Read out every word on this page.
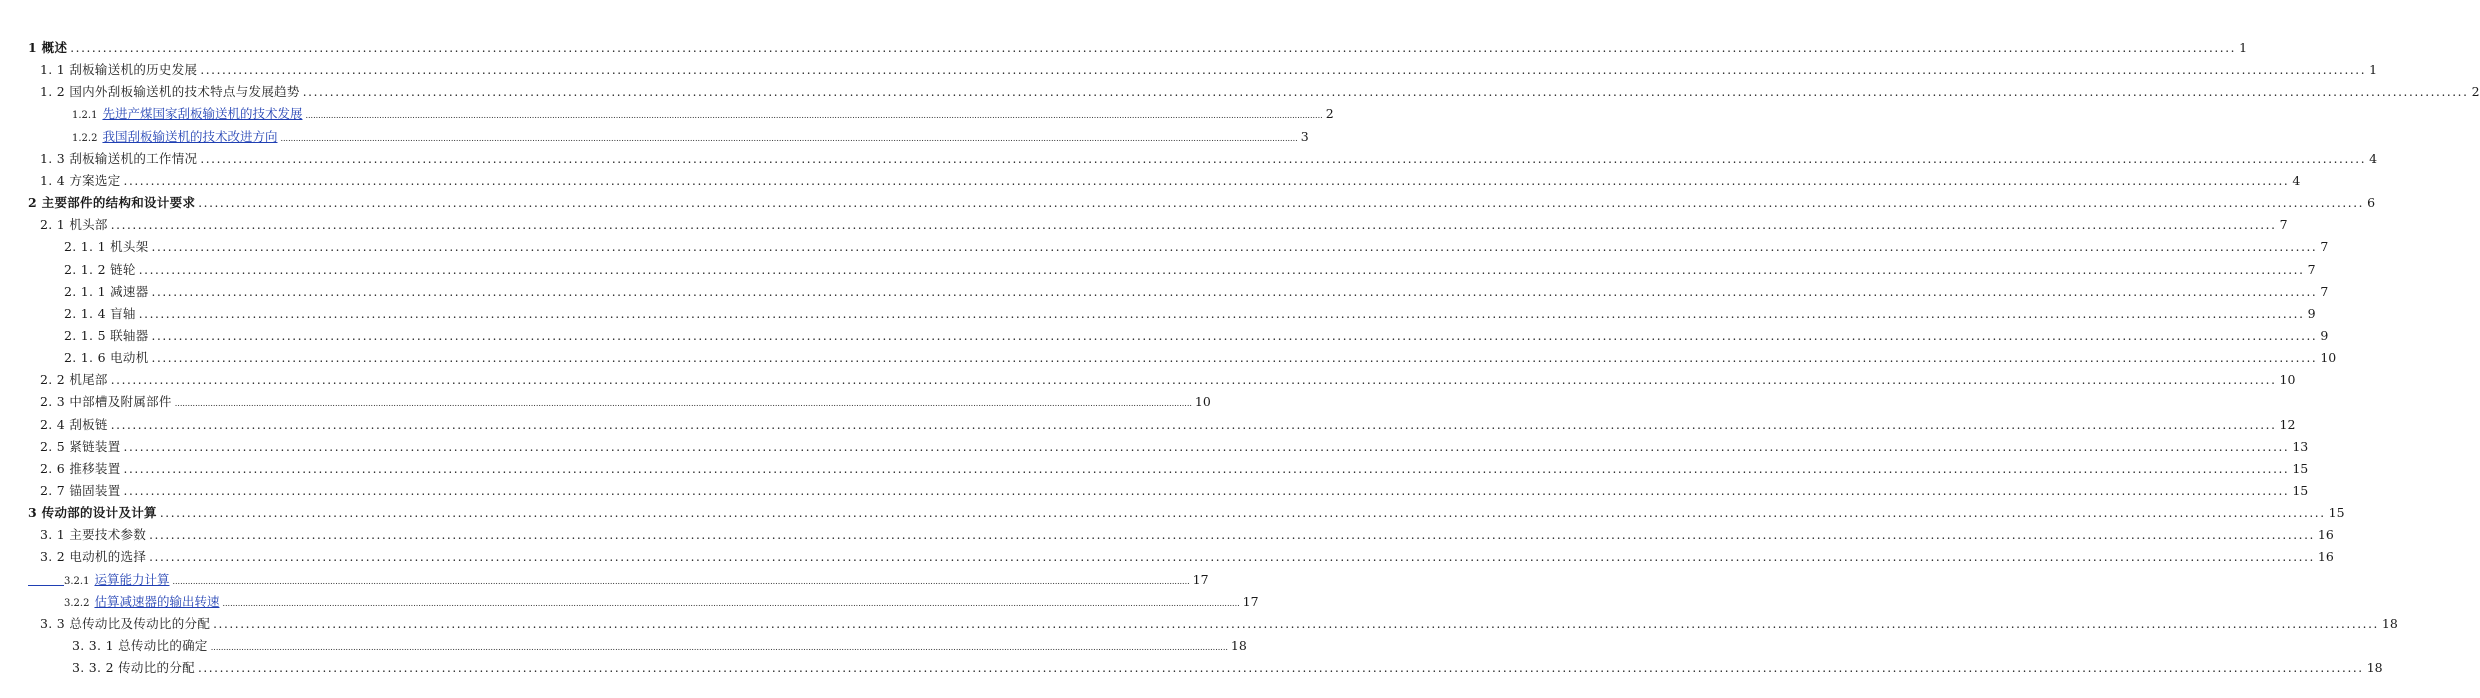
1 概述 ................................................................................................................................................................................................................................................................................................................................................................................................................ 1
1. 1 刮板输送机的历史发展 ................................................................................................................................................................................................................................................................................................................................................................................................................ 1
1. 2 国内外刮板输送机的技术特点与发展趋势 ................................................................................................................................................................................................................................................................................................................................................................................................................ 2
1.2.1 先进产煤国家刮板输送机的技术发展 ................................................................................................................................................................................................................................................................................................................................................................................................................ 2
1.2.2 我国刮板输送机的技术改进方向 ................................................................................................................................................................................................................................................................................................................................................................................................................ 3
1. 3 刮板输送机的工作情况 ................................................................................................................................................................................................................................................................................................................................................................................................................ 4
1. 4 方案选定 ................................................................................................................................................................................................................................................................................................................................................................................................................ 4
2 主要部件的结构和设计要求 ................................................................................................................................................................................................................................................................................................................................................................................................................ 6
2. 1 机头部 ................................................................................................................................................................................................................................................................................................................................................................................................................ 7
2. 1. 1 机头架 ................................................................................................................................................................................................................................................................................................................................................................................................................ 7
2. 1. 2 链轮 ................................................................................................................................................................................................................................................................................................................................................................................................................ 7
2. 1. 1 减速器 ................................................................................................................................................................................................................................................................................................................................................................................................................ 7
2. 1. 4 盲轴 ................................................................................................................................................................................................................................................................................................................................................................................................................ 9
2. 1. 5 联轴器 ................................................................................................................................................................................................................................................................................................................................................................................................................ 9
2. 1. 6 电动机 ................................................................................................................................................................................................................................................................................................................................................................................................................ 10
2. 2 机尾部 ................................................................................................................................................................................................................................................................................................................................................................................................................ 10
2. 3 中部槽及附属部件 ................................................................................................................................................................................................................................................................................................................................................................................................................ 10
2. 4 刮板链 ................................................................................................................................................................................................................................................................................................................................................................................................................ 12
2. 5 紧链装置 ................................................................................................................................................................................................................................................................................................................................................................................................................ 13
2. 6 推移装置 ................................................................................................................................................................................................................................................................................................................................................................................................................ 15
2. 7 锚固装置 ................................................................................................................................................................................................................................................................................................................................................................................................................ 15
3 传动部的设计及计算 ................................................................................................................................................................................................................................................................................................................................................................................................................ 15
3. 1 主要技术参数 ................................................................................................................................................................................................................................................................................................................................................................................................................ 16
3. 2 电动机的选择 ................................................................................................................................................................................................................................................................................................................................................................................................................ 16
3.2.1 运算能力计算 ................................................................................................................................................................................................................................................................................................................................................................................................................ 17
3.2.2 估算减速器的输出转速 ................................................................................................................................................................................................................................................................................................................................................................................................................ 17
3. 3 总传动比及传动比的分配 ................................................................................................................................................................................................................................................................................................................................................................................................................ 18
3. 3. 1 总传动比的确定 ................................................................................................................................................................................................................................................................................................................................................................................................................ 18
3. 3. 2 传动比的分配 ................................................................................................................................................................................................................................................................................................................................................................................................................ 18
